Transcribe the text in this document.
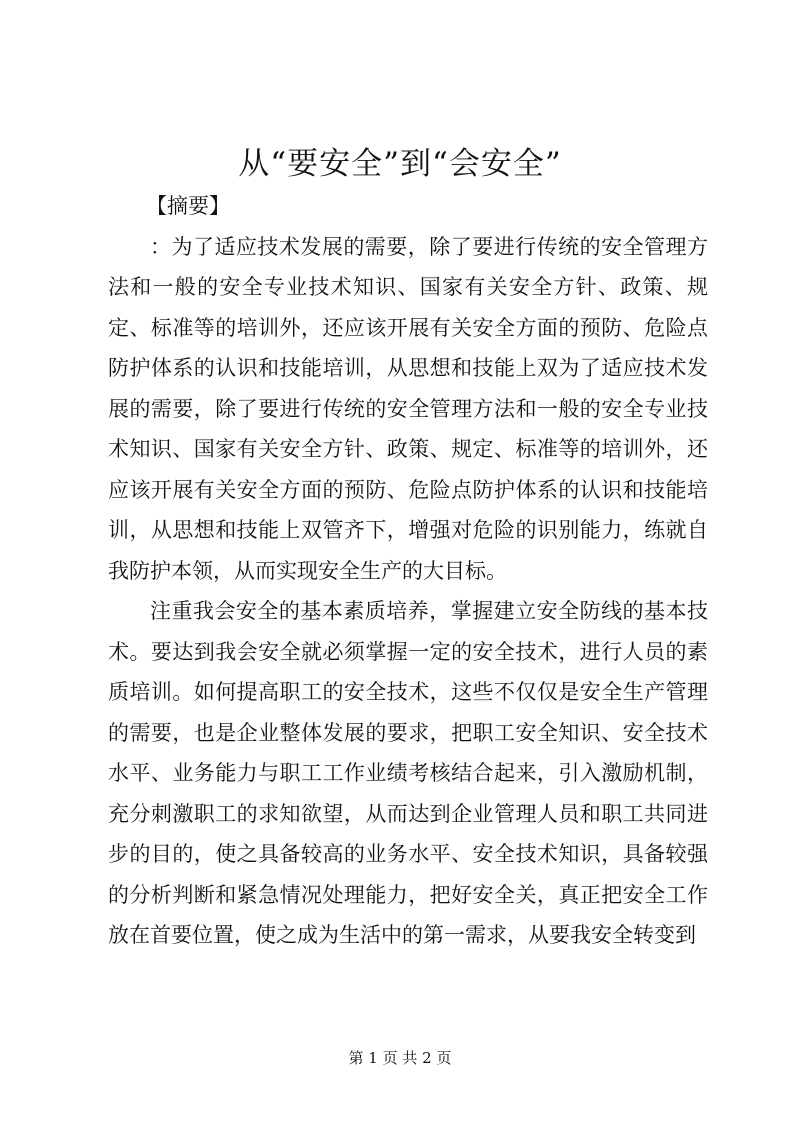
从“要安全”到“会安全”

【摘要】

：为了适应技术发展的需要，除了要进行传统的安全管理方法和一般的安全专业技术知识、国家有关安全方针、政策、规定、标准等的培训外，还应该开展有关安全方面的预防、危险点防护体系的认识和技能培训，从思想和技能上双为了适应技术发展的需要，除了要进行传统的安全管理方法和一般的安全专业技术知识、国家有关安全方针、政策、规定、标准等的培训外，还应该开展有关安全方面的预防、危险点防护体系的认识和技能培训，从思想和技能上双管齐下，增强对危险的识别能力，练就自我防护本领，从而实现安全生产的大目标。

注重我会安全的基本素质培养，掌握建立安全防线的基本技术。要达到我会安全就必须掌握一定的安全技术，进行人员的素质培训。如何提高职工的安全技术，这些不仅仅是安全生产管理的需要，也是企业整体发展的要求，把职工安全知识、安全技术水平、业务能力与职工工作业绩考核结合起来，引入激励机制，充分刺激职工的求知欲望，从而达到企业管理人员和职工共同进步的目的，使之具备较高的业务水平、安全技术知识，具备较强的分析判断和紧急情况处理能力，把好安全关，真正把安全工作放在首要位置，使之成为生活中的第一需求，从要我安全转变到

第 1 页 共 2 页
